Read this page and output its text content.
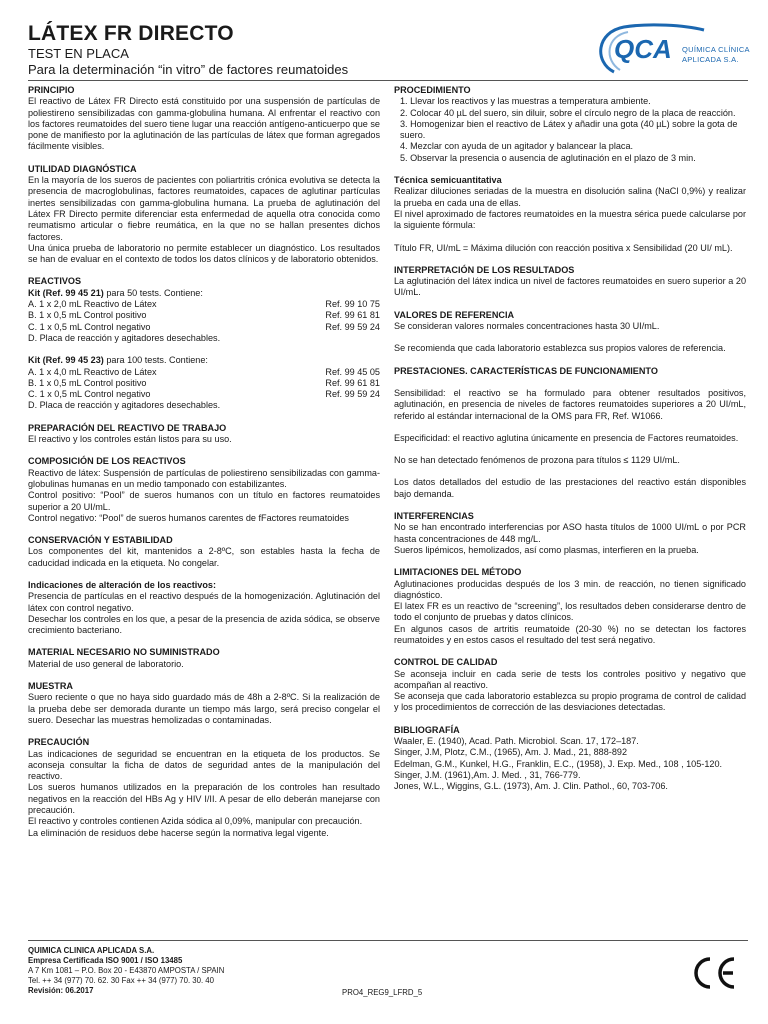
LÁTEX FR DIRECTO
TEST EN PLACA
Para la determinación “in vitro” de factores reumatoides
QCA QUÍMICA CLÍNICA
APLICADA S.A.
PRINCIPIO
El reactivo de Látex FR Directo está constituido por una suspensión de partículas de poliestireno sensibilizadas con gamma-globulina humana. Al enfrentar el reactivo con los factores reumatoides del suero tiene lugar una reacción antígeno-anticuerpo que se pone de manifiesto por la aglutinación de las partículas de látex que forman agregados fácilmente visibles.
UTILIDAD DIAGNÓSTICA
En la mayoría de los sueros de pacientes con poliartritis crónica evolutiva se detecta la presencia de macroglobulinas, factores reumatoides, capaces de aglutinar partículas inertes sensibilizadas con gamma-globulina humana. La prueba de aglutinación del Látex FR Directo permite diferenciar esta enfermedad de aquella otra conocida como reumatismo articular o fiebre reumática, en la que no se hallan presentes dichos factores.
Una única prueba de laboratorio no permite establecer un diagnóstico. Los resultados se han de evaluar en el contexto de todos los datos clínicos y de laboratorio obtenidos.
REACTIVOS
Kit (Ref. 99 45 21) para 50 tests. Contiene:
A. 1 x 2,0 mL Reactivo de Látex	Ref. 99 10 75
B. 1 x 0,5 mL Control positivo	Ref. 99 61 81
C. 1 x 0,5 mL Control negativo	Ref. 99 59 24
D. Placa de reacción y agitadores desechables.
Kit (Ref. 99 45 23) para 100 tests. Contiene:
A. 1 x 4,0 mL Reactivo de Látex	Ref. 99 45 05
B. 1 x 0,5 mL Control positivo	Ref. 99 61 81
C. 1 x 0,5 mL Control negativo	Ref. 99 59 24
D. Placa de reacción y agitadores desechables.
PREPARACIÓN DEL REACTIVO DE TRABAJO
El reactivo y los controles están listos para su uso.
COMPOSICIÓN DE LOS REACTIVOS
Reactivo de látex: Suspensión de partículas de poliestireno sensibilizadas con gamma-globulinas humanas en un medio tamponado con estabilizantes.
Control positivo: “Pool” de sueros humanos con un título en factores reumatoides superior a 20 UI/mL.
Control negativo: “Pool” de sueros humanos carentes de fFactores reumatoides
CONSERVACIÓN Y ESTABILIDAD
Los componentes del kit, mantenidos a 2-8ºC, son estables hasta la fecha de caducidad indicada en la etiqueta. No congelar.
Indicaciones de alteración de los reactivos:
Presencia de partículas en el reactivo después de la homogenización. Aglutinación del látex con control negativo.
Desechar los controles en los que, a pesar de la presencia de azida sódica, se observe crecimiento bacteriano.
MATERIAL NECESARIO NO SUMINISTRADO
Material de uso general de laboratorio.
MUESTRA
Suero reciente o que no haya sido guardado más de 48h a 2-8ºC. Si la realización de la prueba debe ser demorada durante un tiempo más largo, será preciso congelar el suero. Desechar las muestras hemolizadas o contaminadas.
PRECAUCIÓN
Las indicaciones de seguridad se encuentran en la etiqueta de los productos. Se aconseja consultar la ficha de datos de seguridad antes de la manipulación del reactivo.
Los sueros humanos utilizados en la preparación de los controles han resultado negativos en la reacción del HBs Ag y HIV I/II. A pesar de ello deberán manejarse con precaución.
El reactivo y controles contienen Azida sódica al 0,09%, manipular con precaución.
La eliminación de residuos debe hacerse según la normativa legal vigente.
PROCEDIMIENTO
1. Llevar los reactivos y las muestras a temperatura ambiente.
2. Colocar 40 µL del suero, sin diluir, sobre el círculo negro de la placa de reacción.
3. Homogenizar bien el reactivo de Látex y añadir una gota (40 µL) sobre la gota de suero.
4. Mezclar con ayuda de un agitador y balancear la placa.
5. Observar la presencia o ausencia de aglutinación en el plazo de 3 min.
Técnica semicuantitativa
Realizar diluciones seriadas de la muestra en disolución salina (NaCl 0,9%) y realizar la prueba en cada una de ellas.
El nivel aproximado de factores reumatoides en la muestra sérica puede calcularse por la siguiente fórmula:
Título FR, UI/mL = Máxima dilución con reacción positiva x Sensibilidad (20 UI/ mL).
INTERPRETACIÓN DE LOS RESULTADOS
La aglutinación del látex indica un nivel de factores reumatoides en suero superior a 20 UI/mL.
VALORES DE REFERENCIA
Se consideran valores normales concentraciones hasta 30 UI/mL.
Se recomienda que cada laboratorio establezca sus propios valores de referencia.
PRESTACIONES. CARACTERÍSTICAS DE FUNCIONAMIENTO
Sensibilidad: el reactivo se ha formulado para obtener resultados positivos, aglutinación, en presencia de niveles de factores reumatoides superiores a 20 UI/mL, referido al estándar internacional de la OMS para FR, Ref. W1066.
Especificidad: el reactivo aglutina únicamente en presencia de Factores reumatoides.
No se han detectado fenómenos de prozona para títulos ≤ 1129 UI/mL.
Los datos detallados del estudio de las prestaciones del reactivo están disponibles bajo demanda.
INTERFERENCIAS
No se han encontrado interferencias por ASO hasta títulos de 1000 UI/mL o por PCR hasta concentraciones de 448 mg/L.
Sueros lipémicos, hemolizados, así como plasmas, interfieren en la prueba.
LIMITACIONES DEL MÉTODO
Aglutinaciones producidas después de los 3 min. de reacción, no tienen significado diagnóstico.
El latex FR es un reactivo de “screening”, los resultados deben considerarse dentro de todo el conjunto de pruebas y datos clínicos.
En algunos casos de artritis reumatoide (20-30 %) no se detectan los factores reumatoides y en estos casos el resultado del test será negativo.
CONTROL DE CALIDAD
Se aconseja incluir en cada serie de tests los controles positivo y negativo que acompañan al reactivo.
Se aconseja que cada laboratorio establezca su propio programa de control de calidad y los procedimientos de corrección de las desviaciones detectadas.
BIBLIOGRAFÍA
Waaler, E. (1940), Acad. Path. Microbiol. Scan. 17, 172–187.
Singer, J.M, Plotz, C.M., (1965), Am. J. Mad., 21, 888-892
Edelman, G.M., Kunkel, H.G., Franklin, E.C., (1958), J. Exp. Med., 108 , 105-120.
Singer, J.M. (1961),Am. J. Med. , 31, 766-779.
Jones, W.L., Wiggins, G.L. (1973), Am. J. Clin. Pathol., 60, 703-706.
QUIMICA CLINICA APLICADA S.A.
Empresa Certificada ISO 9001 / ISO 13485
A 7 Km 1081 – P.O. Box 20 - E43870 AMPOSTA / SPAIN
Tel. ++ 34 (977) 70. 62. 30 Fax ++ 34 (977) 70. 30. 40
Revisión: 06.2017	PRO4_REG9_LFRD_5
